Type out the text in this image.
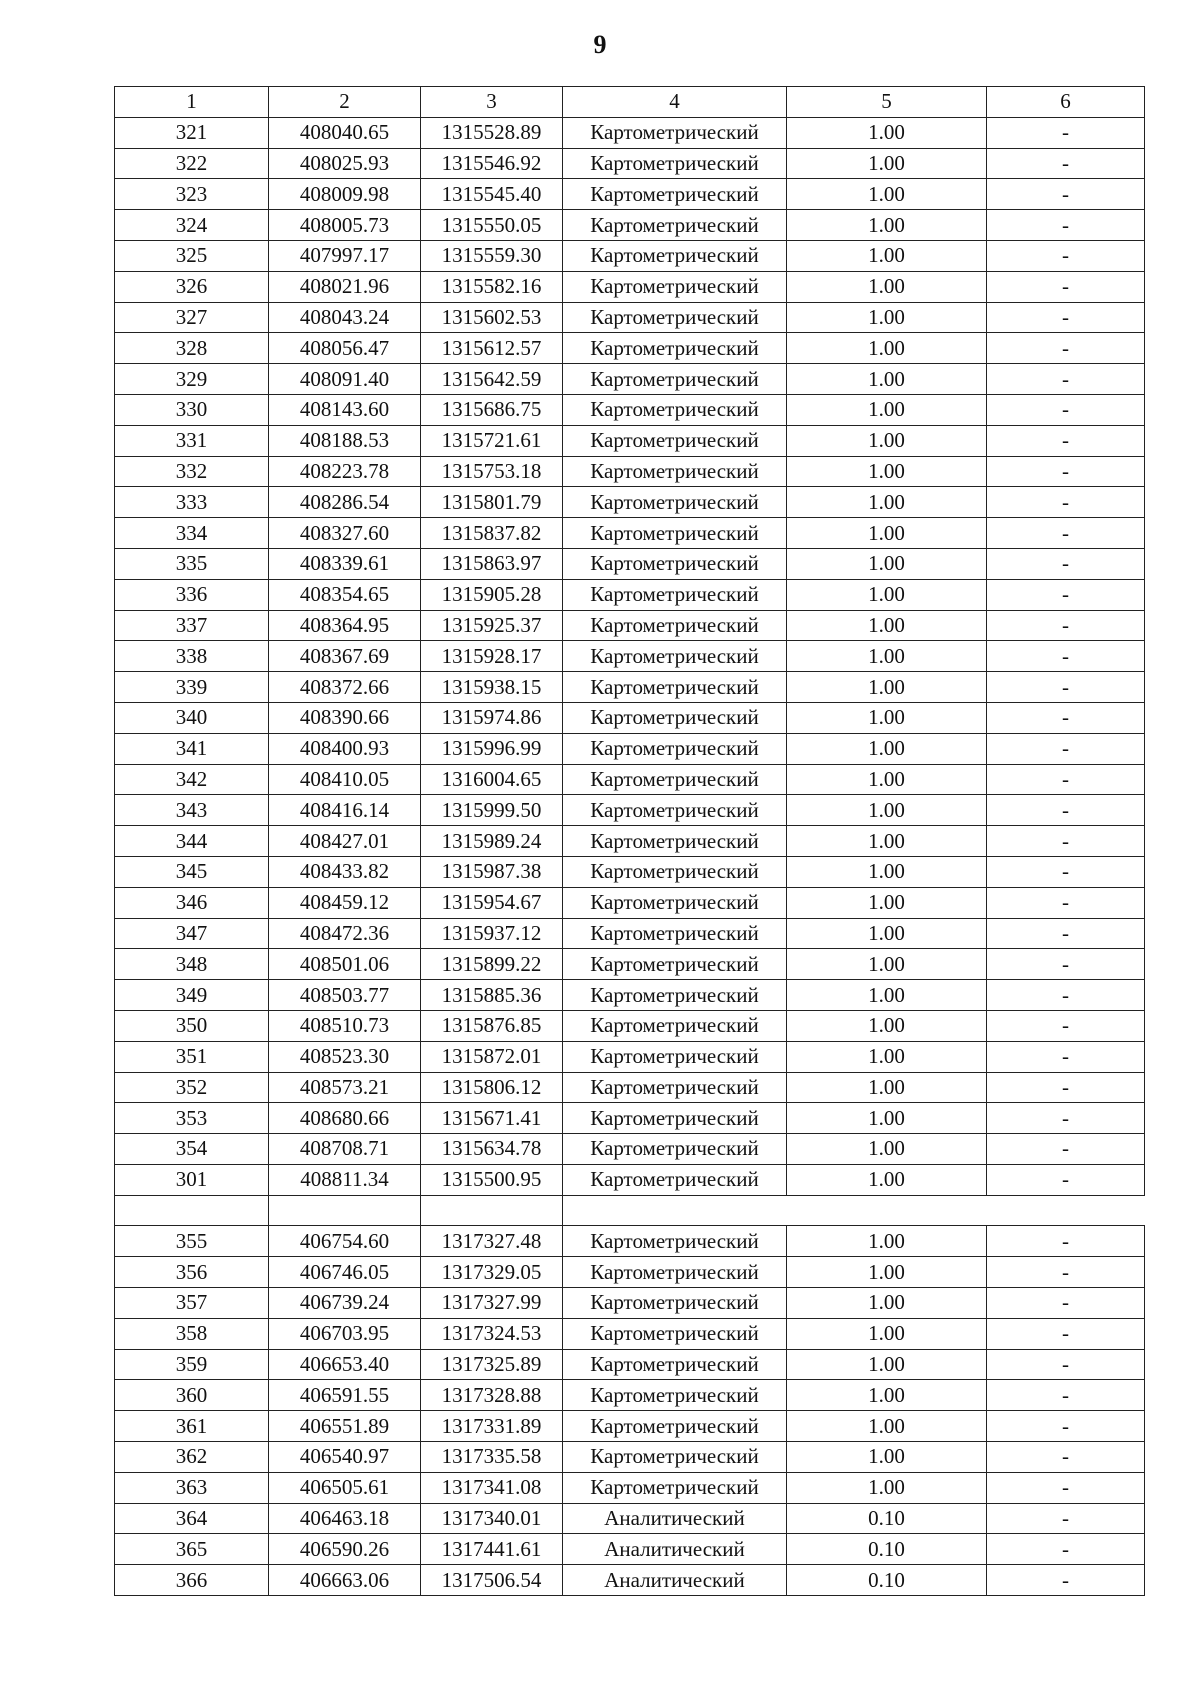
9
1	2	3	4	5	6
321	408040.65	1315528.89	Картометрический	1.00	-
322	408025.93	1315546.92	Картометрический	1.00	-
323	408009.98	1315545.40	Картометрический	1.00	-
324	408005.73	1315550.05	Картометрический	1.00	-
325	407997.17	1315559.30	Картометрический	1.00	-
326	408021.96	1315582.16	Картометрический	1.00	-
327	408043.24	1315602.53	Картометрический	1.00	-
328	408056.47	1315612.57	Картометрический	1.00	-
329	408091.40	1315642.59	Картометрический	1.00	-
330	408143.60	1315686.75	Картометрический	1.00	-
331	408188.53	1315721.61	Картометрический	1.00	-
332	408223.78	1315753.18	Картометрический	1.00	-
333	408286.54	1315801.79	Картометрический	1.00	-
334	408327.60	1315837.82	Картометрический	1.00	-
335	408339.61	1315863.97	Картометрический	1.00	-
336	408354.65	1315905.28	Картометрический	1.00	-
337	408364.95	1315925.37	Картометрический	1.00	-
338	408367.69	1315928.17	Картометрический	1.00	-
339	408372.66	1315938.15	Картометрический	1.00	-
340	408390.66	1315974.86	Картометрический	1.00	-
341	408400.93	1315996.99	Картометрический	1.00	-
342	408410.05	1316004.65	Картометрический	1.00	-
343	408416.14	1315999.50	Картометрический	1.00	-
344	408427.01	1315989.24	Картометрический	1.00	-
345	408433.82	1315987.38	Картометрический	1.00	-
346	408459.12	1315954.67	Картометрический	1.00	-
347	408472.36	1315937.12	Картометрический	1.00	-
348	408501.06	1315899.22	Картометрический	1.00	-
349	408503.77	1315885.36	Картометрический	1.00	-
350	408510.73	1315876.85	Картометрический	1.00	-
351	408523.30	1315872.01	Картометрический	1.00	-
352	408573.21	1315806.12	Картометрический	1.00	-
353	408680.66	1315671.41	Картометрический	1.00	-
354	408708.71	1315634.78	Картометрический	1.00	-
301	408811.34	1315500.95	Картометрический	1.00	-

355	406754.60	1317327.48	Картометрический	1.00	-
356	406746.05	1317329.05	Картометрический	1.00	-
357	406739.24	1317327.99	Картометрический	1.00	-
358	406703.95	1317324.53	Картометрический	1.00	-
359	406653.40	1317325.89	Картометрический	1.00	-
360	406591.55	1317328.88	Картометрический	1.00	-
361	406551.89	1317331.89	Картометрический	1.00	-
362	406540.97	1317335.58	Картометрический	1.00	-
363	406505.61	1317341.08	Картометрический	1.00	-
364	406463.18	1317340.01	Аналитический	0.10	-
365	406590.26	1317441.61	Аналитический	0.10	-
366	406663.06	1317506.54	Аналитический	0.10	-
